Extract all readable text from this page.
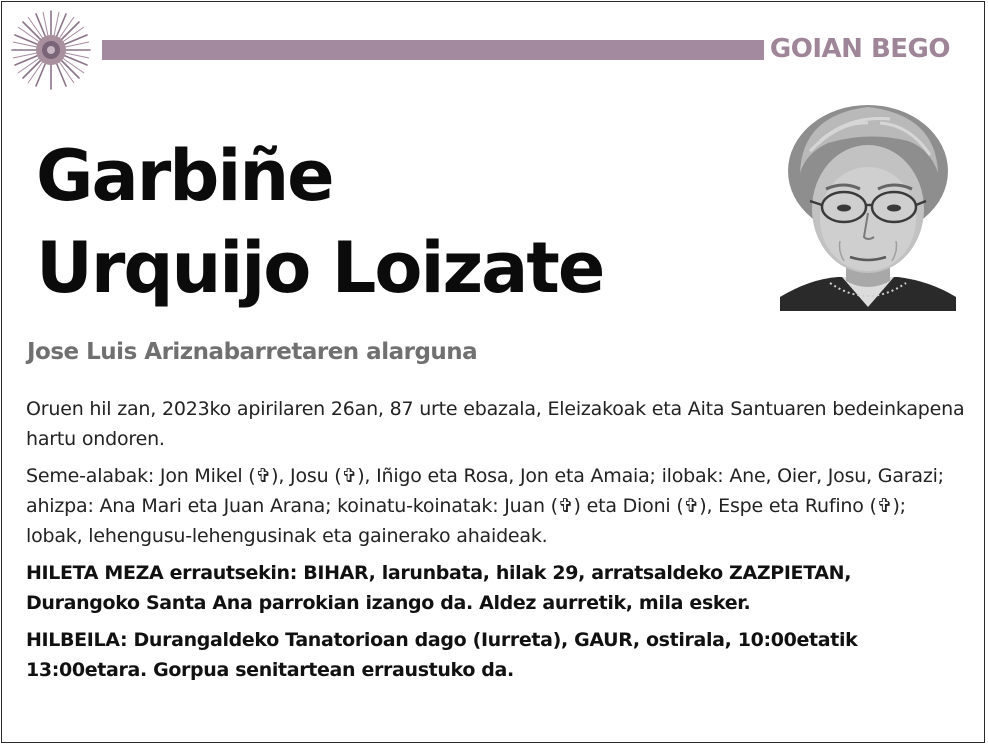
GOIAN BEGO
Garbiñe
Urquijo Loizate
Jose Luis Ariznabarretaren alarguna

Oruen hil zan, 2023ko apirilaren 26an, 87 urte ebazala, Eleizakoak eta Aita Santuaren bedeinkapena hartu ondoren.

Seme-alabak: Jon Mikel (✞), Josu (✞), Iñigo eta Rosa, Jon eta Amaia; ilobak: Ane, Oier, Josu, Garazi; ahizpa: Ana Mari eta Juan Arana; koinatu-koinatak: Juan (✞) eta Dioni (✞), Espe eta Rufino (✞); lobak, lehengusu-lehengusinak eta gainerako ahaideak.

HILETA MEZA errautsekin: BIHAR, larunbata, hilak 29, arratsaldeko ZAZPIETAN, Durangoko Santa Ana parrokian izango da. Aldez aurretik, mila esker.

HILBEILA: Durangaldeko Tanatorioan dago (Iurreta), GAUR, ostirala, 10:00etatik 13:00etara. Gorpua senitartean erraustuko da.
